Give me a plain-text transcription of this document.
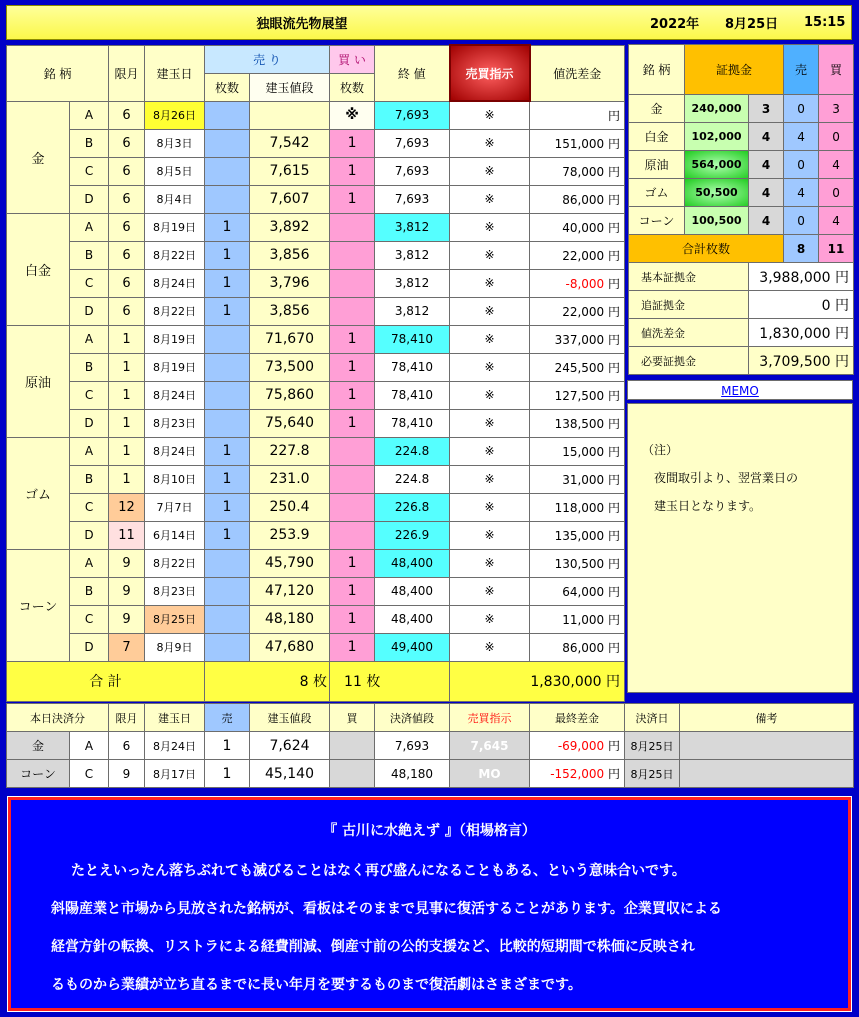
独眼流先物展望	2022年 8月25日 15:15
銘 柄		限月	建玉日	売 り		買 い	終 値	売買指示	値洗差金
				枚数	建玉値段	枚数			
金	A	6	8月26日			※	7,693	※	円
	B	6	8月3日		7,542	1	7,693	※	151,000 円
	C	6	8月5日		7,615	1	7,693	※	78,000 円
	D	6	8月4日		7,607	1	7,693	※	86,000 円
白金	A	6	8月19日	1	3,892		3,812	※	40,000 円
	B	6	8月22日	1	3,856		3,812	※	22,000 円
	C	6	8月24日	1	3,796		3,812	※	-8,000 円
	D	6	8月22日	1	3,856		3,812	※	22,000 円
原油	A	1	8月19日		71,670	1	78,410	※	337,000 円
	B	1	8月19日		73,500	1	78,410	※	245,500 円
	C	1	8月24日		75,860	1	78,410	※	127,500 円
	D	1	8月23日		75,640	1	78,410	※	138,500 円
ゴム	A	1	8月24日	1	227.8		224.8	※	15,000 円
	B	1	8月10日	1	231.0		224.8	※	31,000 円
	C	12	7月7日	1	250.4		226.8	※	118,000 円
	D	11	6月14日	1	253.9		226.9	※	135,000 円
コーン	A	9	8月22日		45,790	1	48,400	※	130,500 円
	B	9	8月23日		47,120	1	48,400	※	64,000 円
	C	9	8月25日		48,180	1	48,400	※	11,000 円
	D	7	8月9日		47,680	1	49,400	※	86,000 円
合 計				8 枚		11 枚		1,830,000 円	
銘 柄	証拠金		売	買
金	240,000	3	0	3
白金	102,000	4	4	0
原油	564,000	4	0	4
ゴム	50,500	4	4	0
コーン	100,500	4	0	4
合計枚数			8	11
基本証拠金		3,988,000 円		
追証拠金		0 円		
値洗差金		1,830,000 円		
必要証拠金		3,709,500 円		
MEMO
（注）
夜間取引より、翌営業日の
建玉日となります。
本日決済分		限月	建玉日	売	建玉値段	買	決済値段	売買指示	最終差金	決済日	備考
金	A	6	8月24日	1	7,624		7,693	7,645	-69,000 円	8月25日	
コーン	C	9	8月17日	1	45,140		48,180	MO	-152,000 円	8月25日	
『 古川に水絶えず 』（相場格言）

たとえいったん落ちぶれても滅びることはなく再び盛んになることもある、という意味合いです。

斜陽産業と市場から見放された銘柄が、看板はそのままで見事に復活することがあります。企業買収による

経営方針の転換、リストラによる経費削減、倒産寸前の公的支援など、比較的短期間で株価に反映され

るものから業績が立ち直るまでに長い年月を要するものまで復活劇はさまざまです。
